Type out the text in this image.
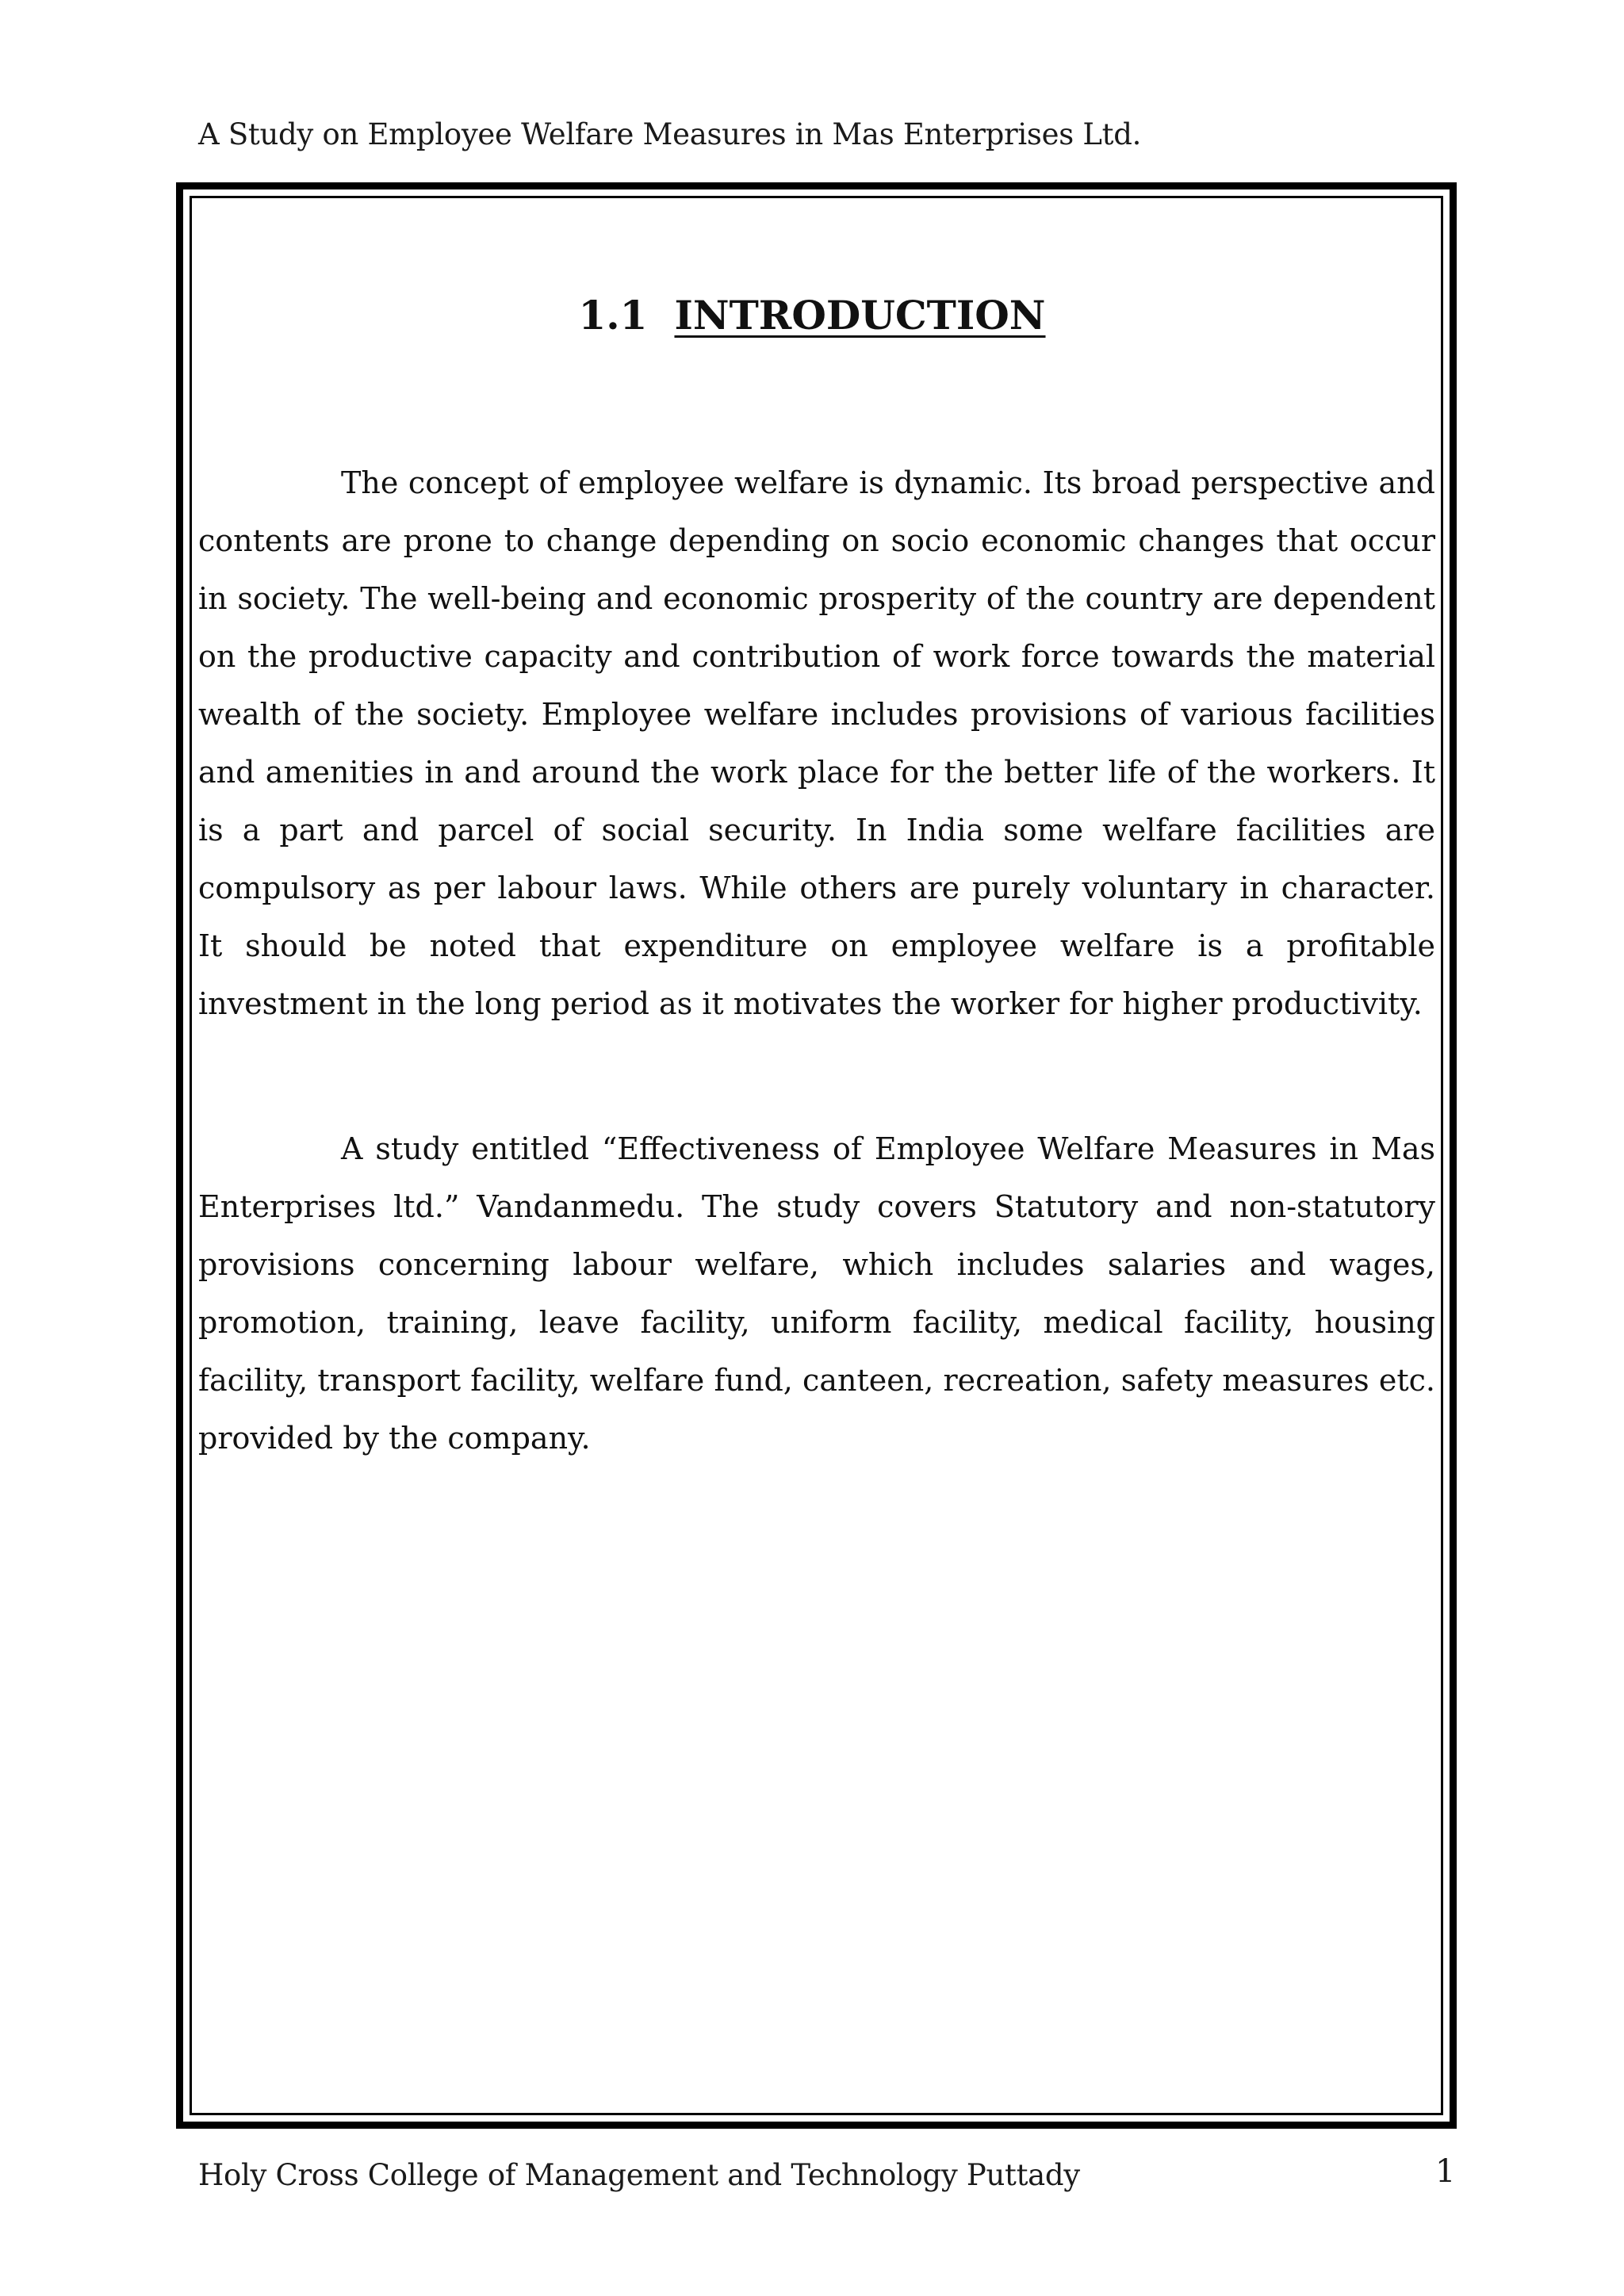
A Study on Employee Welfare Measures in Mas Enterprises Ltd.
1.1 INTRODUCTION

The concept of employee welfare is dynamic. Its broad perspective and contents are prone to change depending on socio economic changes that occur in society. The well-being and economic prosperity of the country are dependent on the productive capacity and contribution of work force towards the material wealth of the society. Employee welfare includes provisions of various facilities and amenities in and around the work place for the better life of the workers. It is a part and parcel of social security. In India some welfare facilities are compulsory as per labour laws. While others are purely voluntary in character. It should be noted that expenditure on employee welfare is a profitable investment in the long period as it motivates the worker for higher productivity.

A study entitled “Effectiveness of Employee Welfare Measures in Mas Enterprises ltd.” Vandanmedu. The study covers Statutory and non-statutory provisions concerning labour welfare, which includes salaries and wages, promotion, training, leave facility, uniform facility, medical facility, housing facility, transport facility, welfare fund, canteen, recreation, safety measures etc. provided by the company.

Holy Cross College of Management and Technology Puttady	1
